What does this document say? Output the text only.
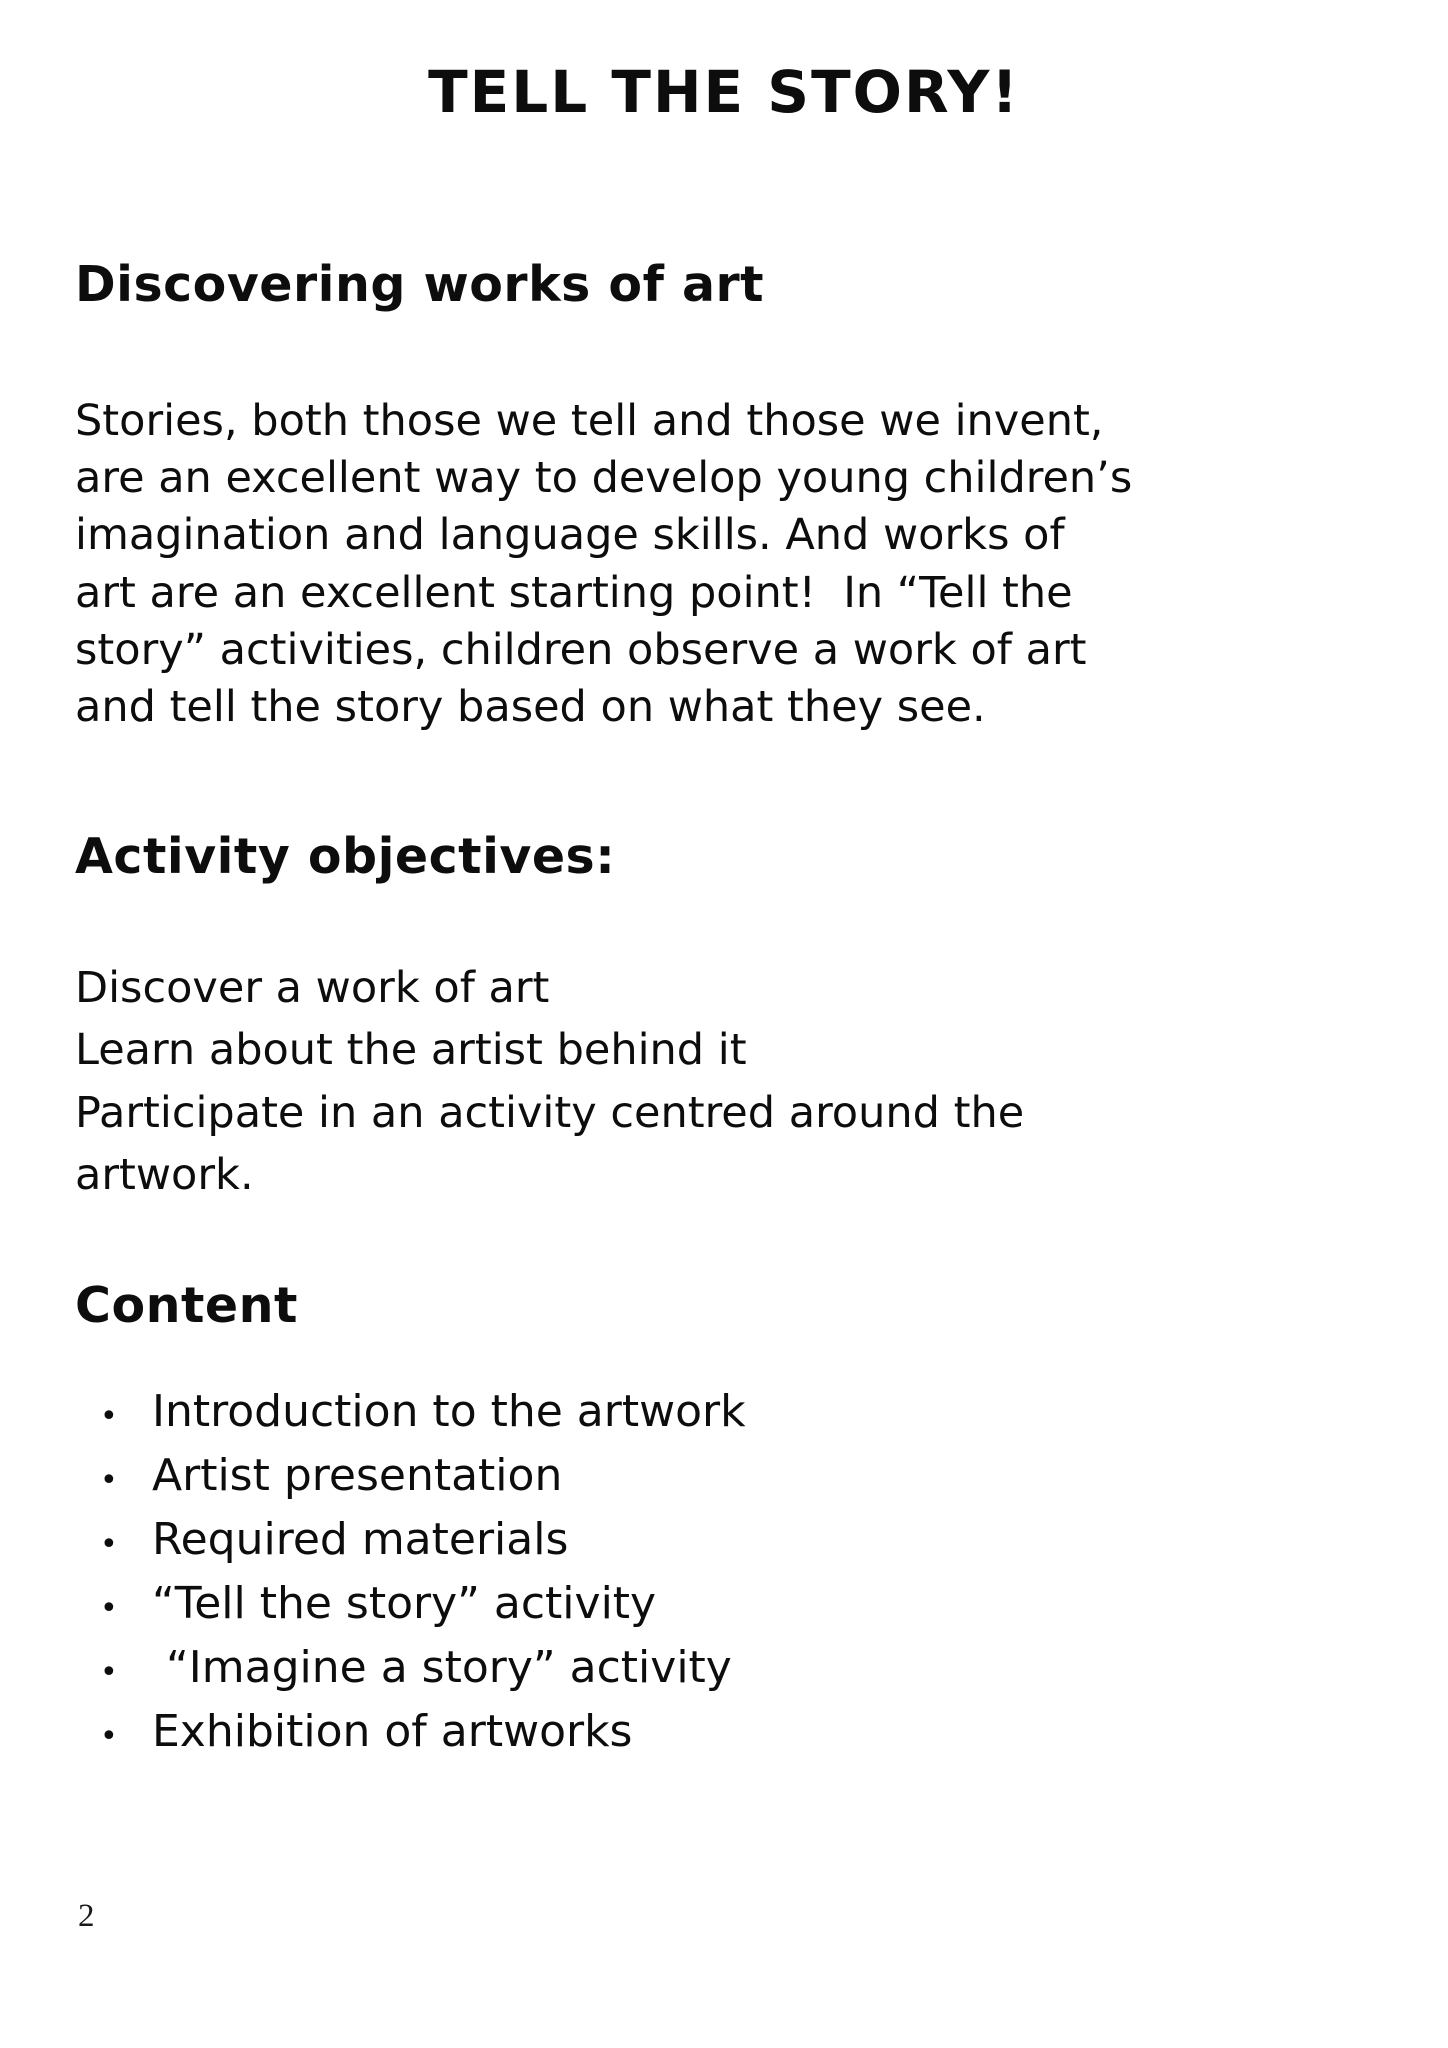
TELL THE STORY!
Discovering works of art

Stories, both those we tell and those we invent, are an excellent way to develop young children’s imagination and language skills. And works of art are an excellent starting point!  In “Tell the story” activities, children observe a work of art and tell the story based on what they see.

Activity objectives:

Discover a work of art

Learn about the artist behind it

Participate in an activity centred around the artwork.

Content
• Introduction to the artwork
• Artist presentation
• Required materials
• “Tell the story” activity
• “Imagine a story” activity
• Exhibition of artworks
2
